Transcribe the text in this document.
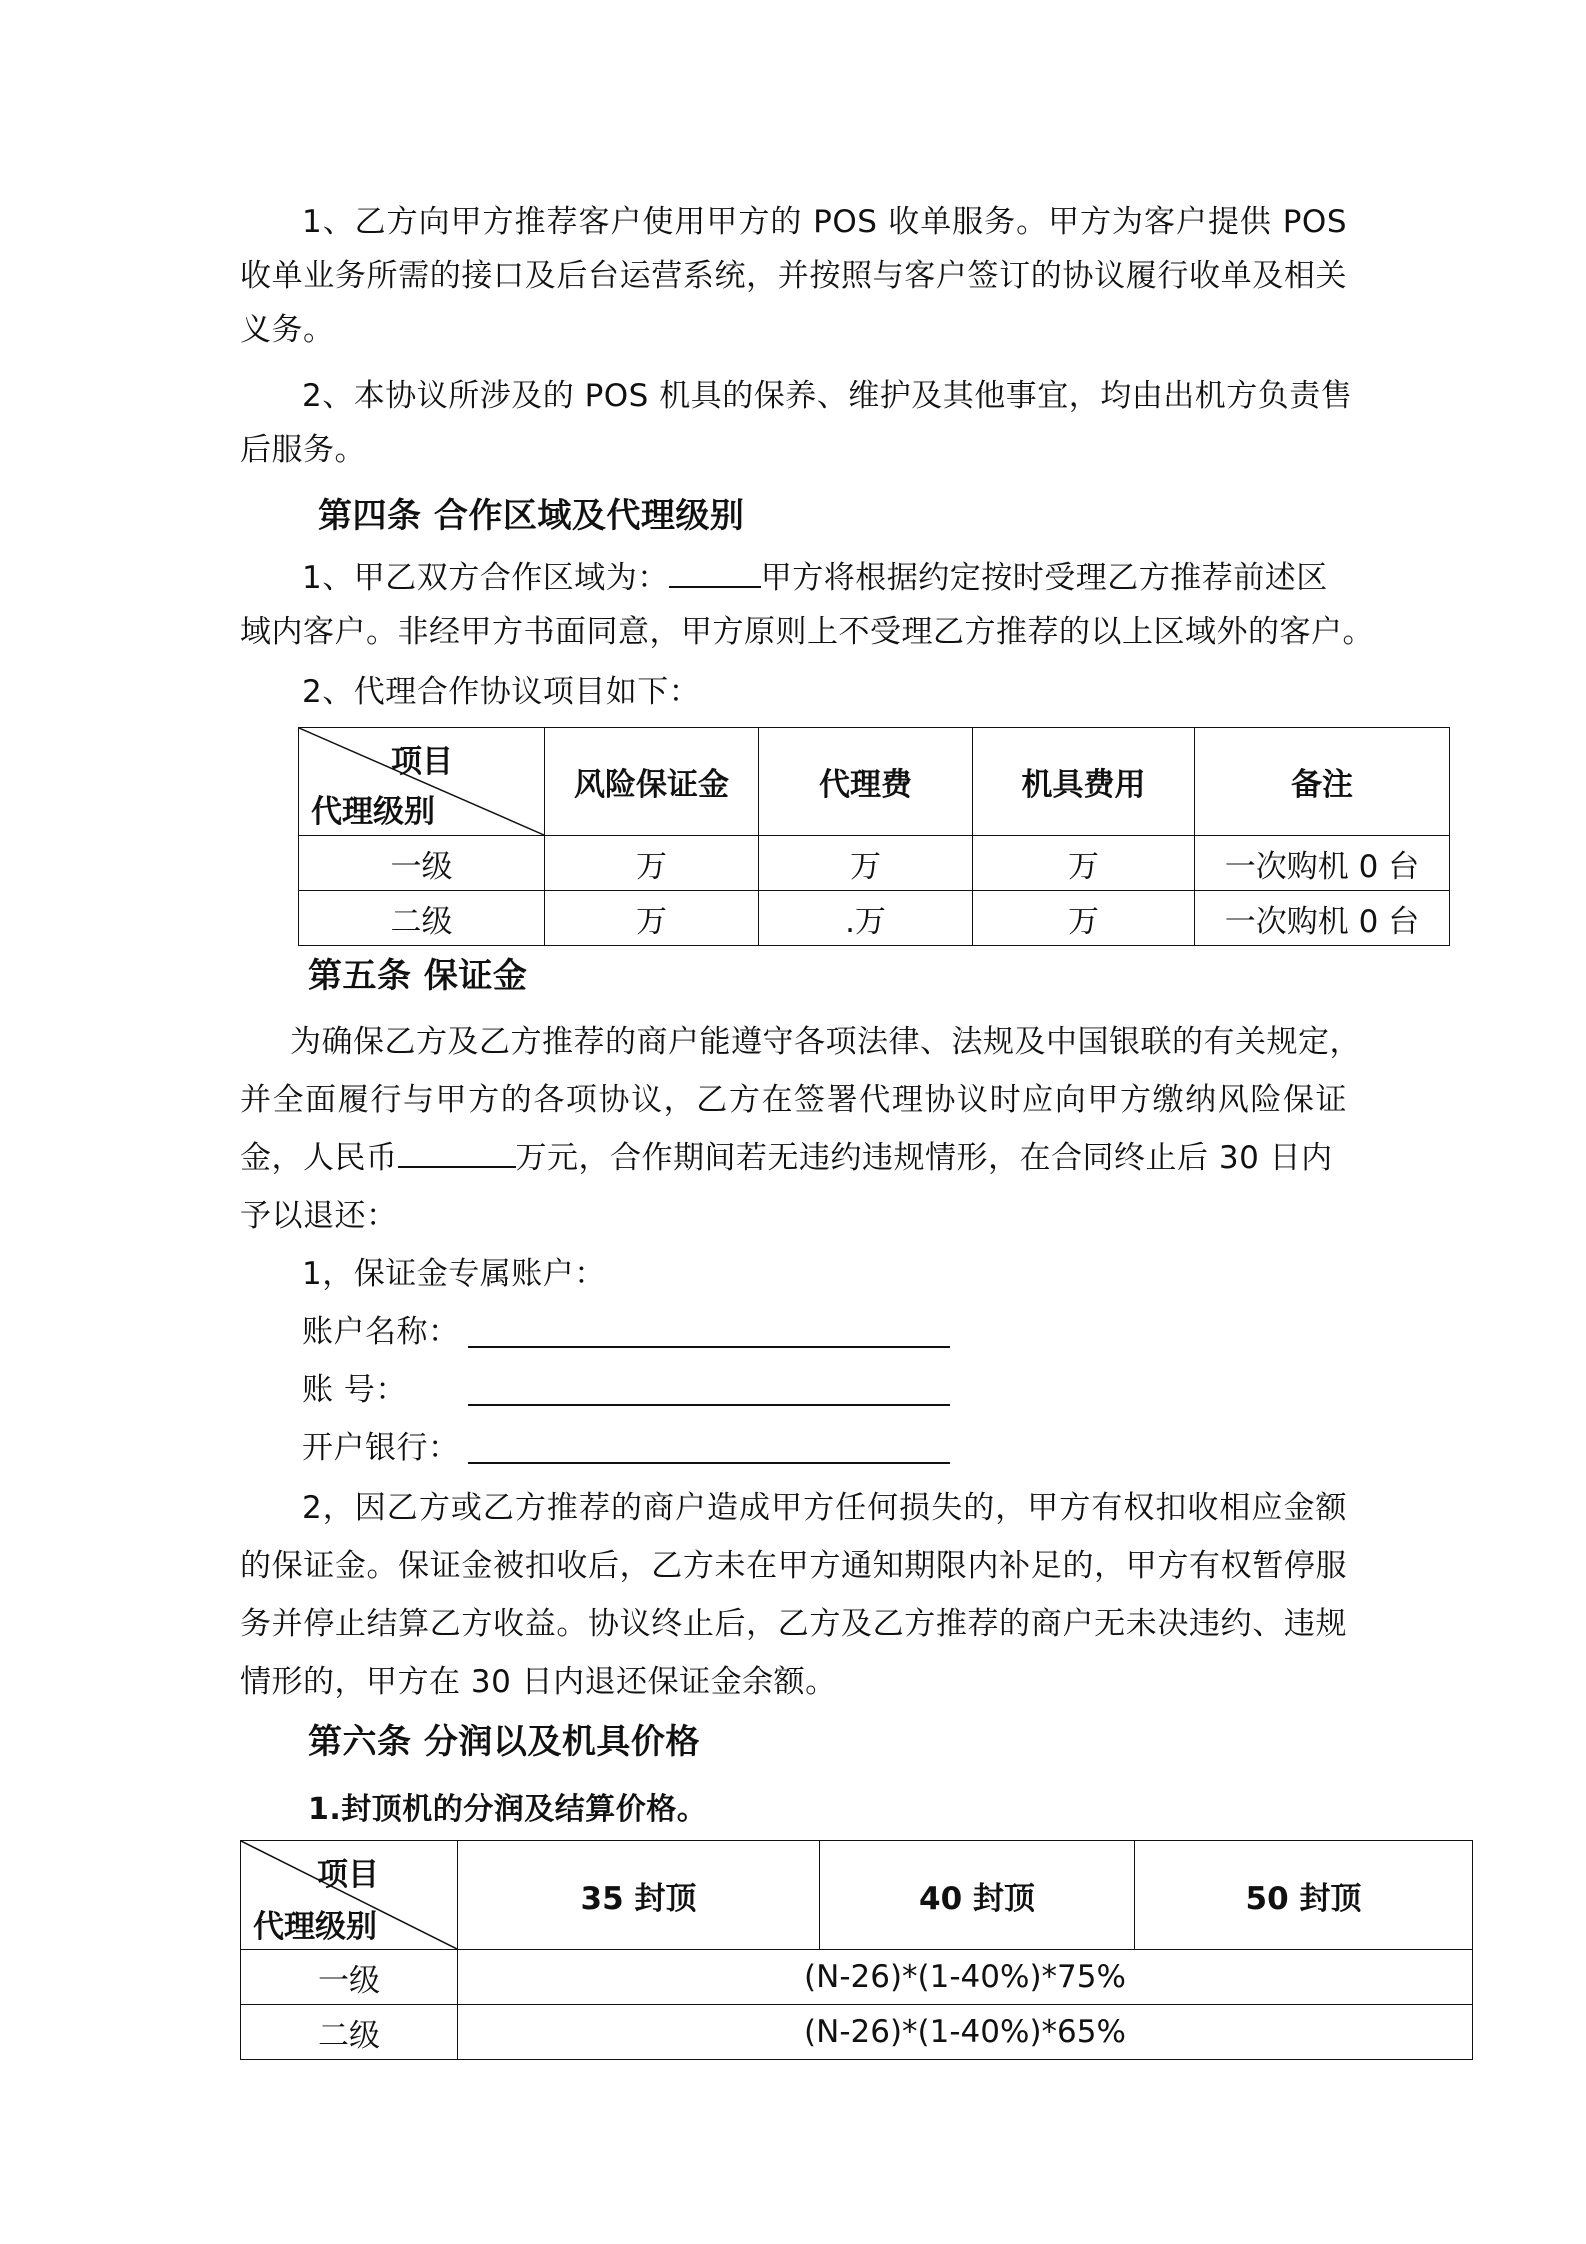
1、乙方向甲方推荐客户使用甲方的 POS 收单服务。甲方为客户提供 POS
收单业务所需的接口及后台运营系统，并按照与客户签订的协议履行收单及相关
义务。
2、本协议所涉及的 POS 机具的保养、维护及其他事宜，均由出机方负责售
后服务。
第四条 合作区域及代理级别
1、甲乙双方合作区域为：	甲方将根据约定按时受理乙方推荐前述区
域内客户。非经甲方书面同意，甲方原则上不受理乙方推荐的以上区域外的客户。
2、代理合作协议项目如下：
项目
代理级别	风险保证金	代理费	机具费用	备注
一级	万	万	万	一次购机 0 台
二级	万	.万	万	一次购机 0 台
第五条 保证金
为确保乙方及乙方推荐的商户能遵守各项法律、法规及中国银联的有关规定，
并全面履行与甲方的各项协议，乙方在签署代理协议时应向甲方缴纳风险保证
金，人民币	万元，合作期间若无违约违规情形，在合同终止后 30 日内
予以退还：
1，保证金专属账户：
账户名称：
账 号：
开户银行：
2，因乙方或乙方推荐的商户造成甲方任何损失的，甲方有权扣收相应金额
的保证金。保证金被扣收后，乙方未在甲方通知期限内补足的，甲方有权暂停服
务并停止结算乙方收益。协议终止后，乙方及乙方推荐的商户无未决违约、违规
情形的，甲方在 30 日内退还保证金余额。
第六条 分润以及机具价格
1.封顶机的分润及结算价格。
项目
代理级别	35 封顶	40 封顶	50 封顶
一级	(N-26)*(1-40%)*75%		
二级	(N-26)*(1-40%)*65%		
